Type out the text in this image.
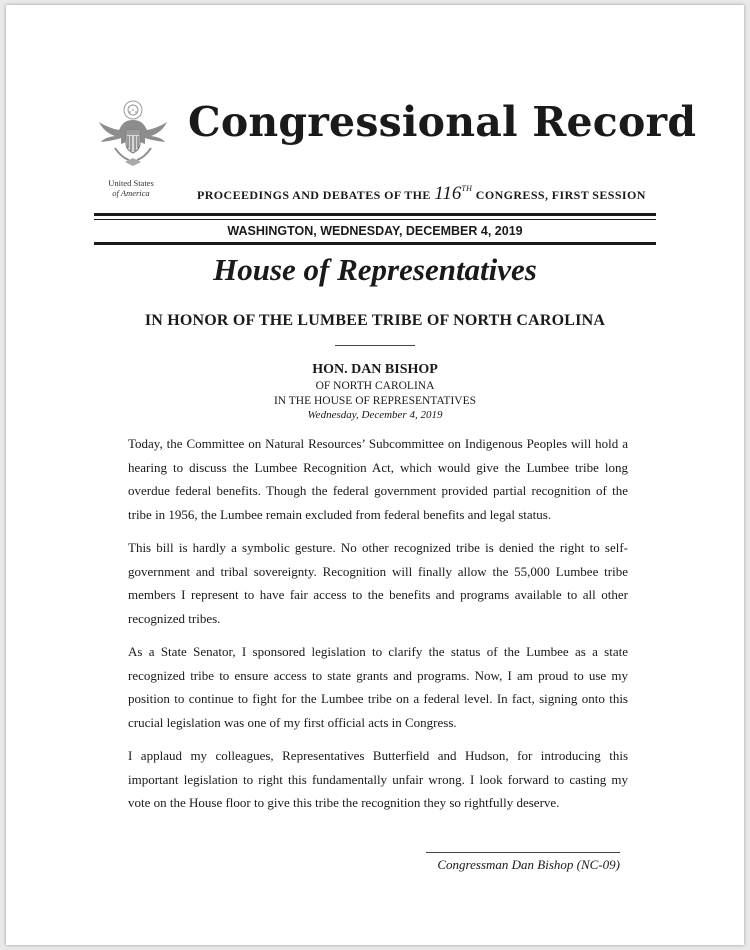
United States
of America
Congressional Record
PROCEEDINGS AND DEBATES OF THE 116th CONGRESS, FIRST SESSION
WASHINGTON, WEDNESDAY, DECEMBER 4, 2019
House of Representatives
IN HONOR OF THE LUMBEE TRIBE OF NORTH CAROLINA
HON. DAN BISHOP
OF NORTH CAROLINA
IN THE HOUSE OF REPRESENTATIVES
Wednesday, December 4, 2019

Today, the Committee on Natural Resources’ Subcommittee on Indigenous Peoples will hold a hearing to discuss the Lumbee Recognition Act, which would give the Lumbee tribe long overdue federal benefits. Though the federal government provided partial recognition of the tribe in 1956, the Lumbee remain excluded from federal benefits and legal status.

This bill is hardly a symbolic gesture. No other recognized tribe is denied the right to self-government and tribal sovereignty. Recognition will finally allow the 55,000 Lumbee tribe members I represent to have fair access to the benefits and programs available to all other recognized tribes.

As a State Senator, I sponsored legislation to clarify the status of the Lumbee as a state recognized tribe to ensure access to state grants and programs. Now, I am proud to use my position to continue to fight for the Lumbee tribe on a federal level. In fact, signing onto this crucial legislation was one of my first official acts in Congress.

I applaud my colleagues, Representatives Butterfield and Hudson, for introducing this important legislation to right this fundamentally unfair wrong. I look forward to casting my vote on the House floor to give this tribe the recognition they so rightfully deserve.

Congressman Dan Bishop (NC-09)
